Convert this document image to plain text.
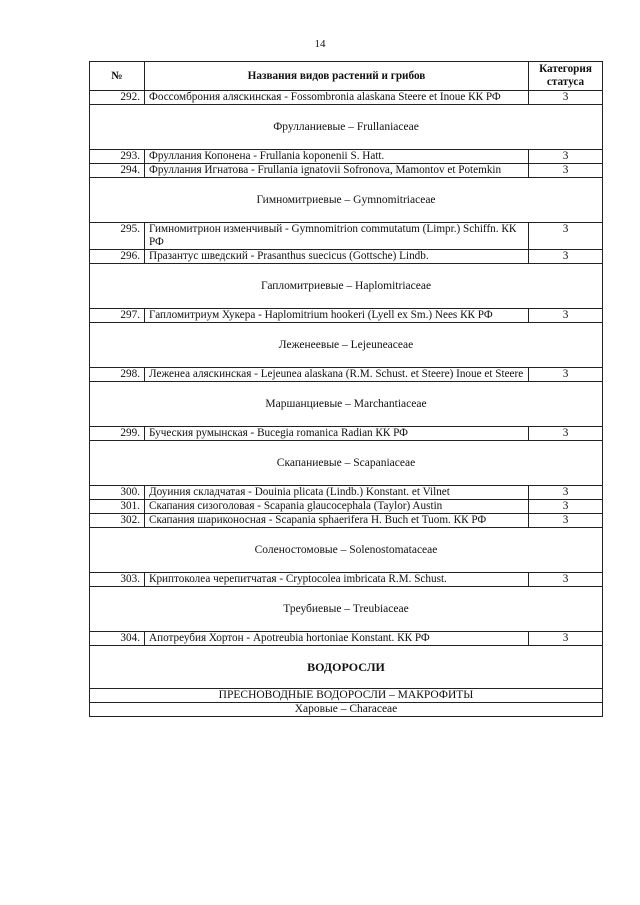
14
№	Названия видов растений и грибов	Категория статуса
292.	Фоссомброния аляскинская - Fossombronia alaskana Steere et Inoue КК РФ	3
Фрулланиевые – Frullaniaceae		
293.	Фруллания Копонена - Frullania koponenii S. Hatt.	3
294.	Фруллания Игнатова - Frullania ignatovii Sofronova, Mamontov et Potemkin	3
Гимномитриевые – Gymnomitriaceae		
295.	Гимномитрион изменчивый - Gymnomitrion commutatum (Limpr.) Schiffn. КК РФ	3
296.	Празантус шведский - Prasanthus suecicus (Gottsche) Lindb.	3
Гапломитриевые – Haplomitriaceae		
297.	Гапломитриум Хукера - Haplomitrium hookeri (Lyell ex Sm.) Nees КК РФ	3
Леженеевые – Lejeuneaceae		
298.	Леженеа аляскинская - Lejeunea alaskana (R.M. Schust. et Steere) Inoue et Steere	3
Маршанциевые – Marchantiaceae		
299.	Буческия румынская - Bucegia romanica Radian КК РФ	3
Скапаниевые – Scapaniaceae		
300.	Доуиния складчатая - Douinia plicata (Lindb.) Konstant. et Vilnet	3
301.	Скапания сизоголовая - Scapania glaucocephala (Taylor) Austin	3
302.	Скапания шариконосная - Scapania sphaerifera H. Buch et Tuom. КК РФ	3
Соленостомовые – Solenostomataceae		
303.	Криптоколеа черепитчатая - Cryptocolea imbricata R.M. Schust.	3
Треубиевые – Treubiaceae		
304.	Апотреубия Хортон - Apotreubia hortoniae Konstant. КК РФ	3
ВОДОРОСЛИ		
ПРЕСНОВОДНЫЕ ВОДОРОСЛИ – МАКРОФИТЫ		
Харовые – Characeae		
